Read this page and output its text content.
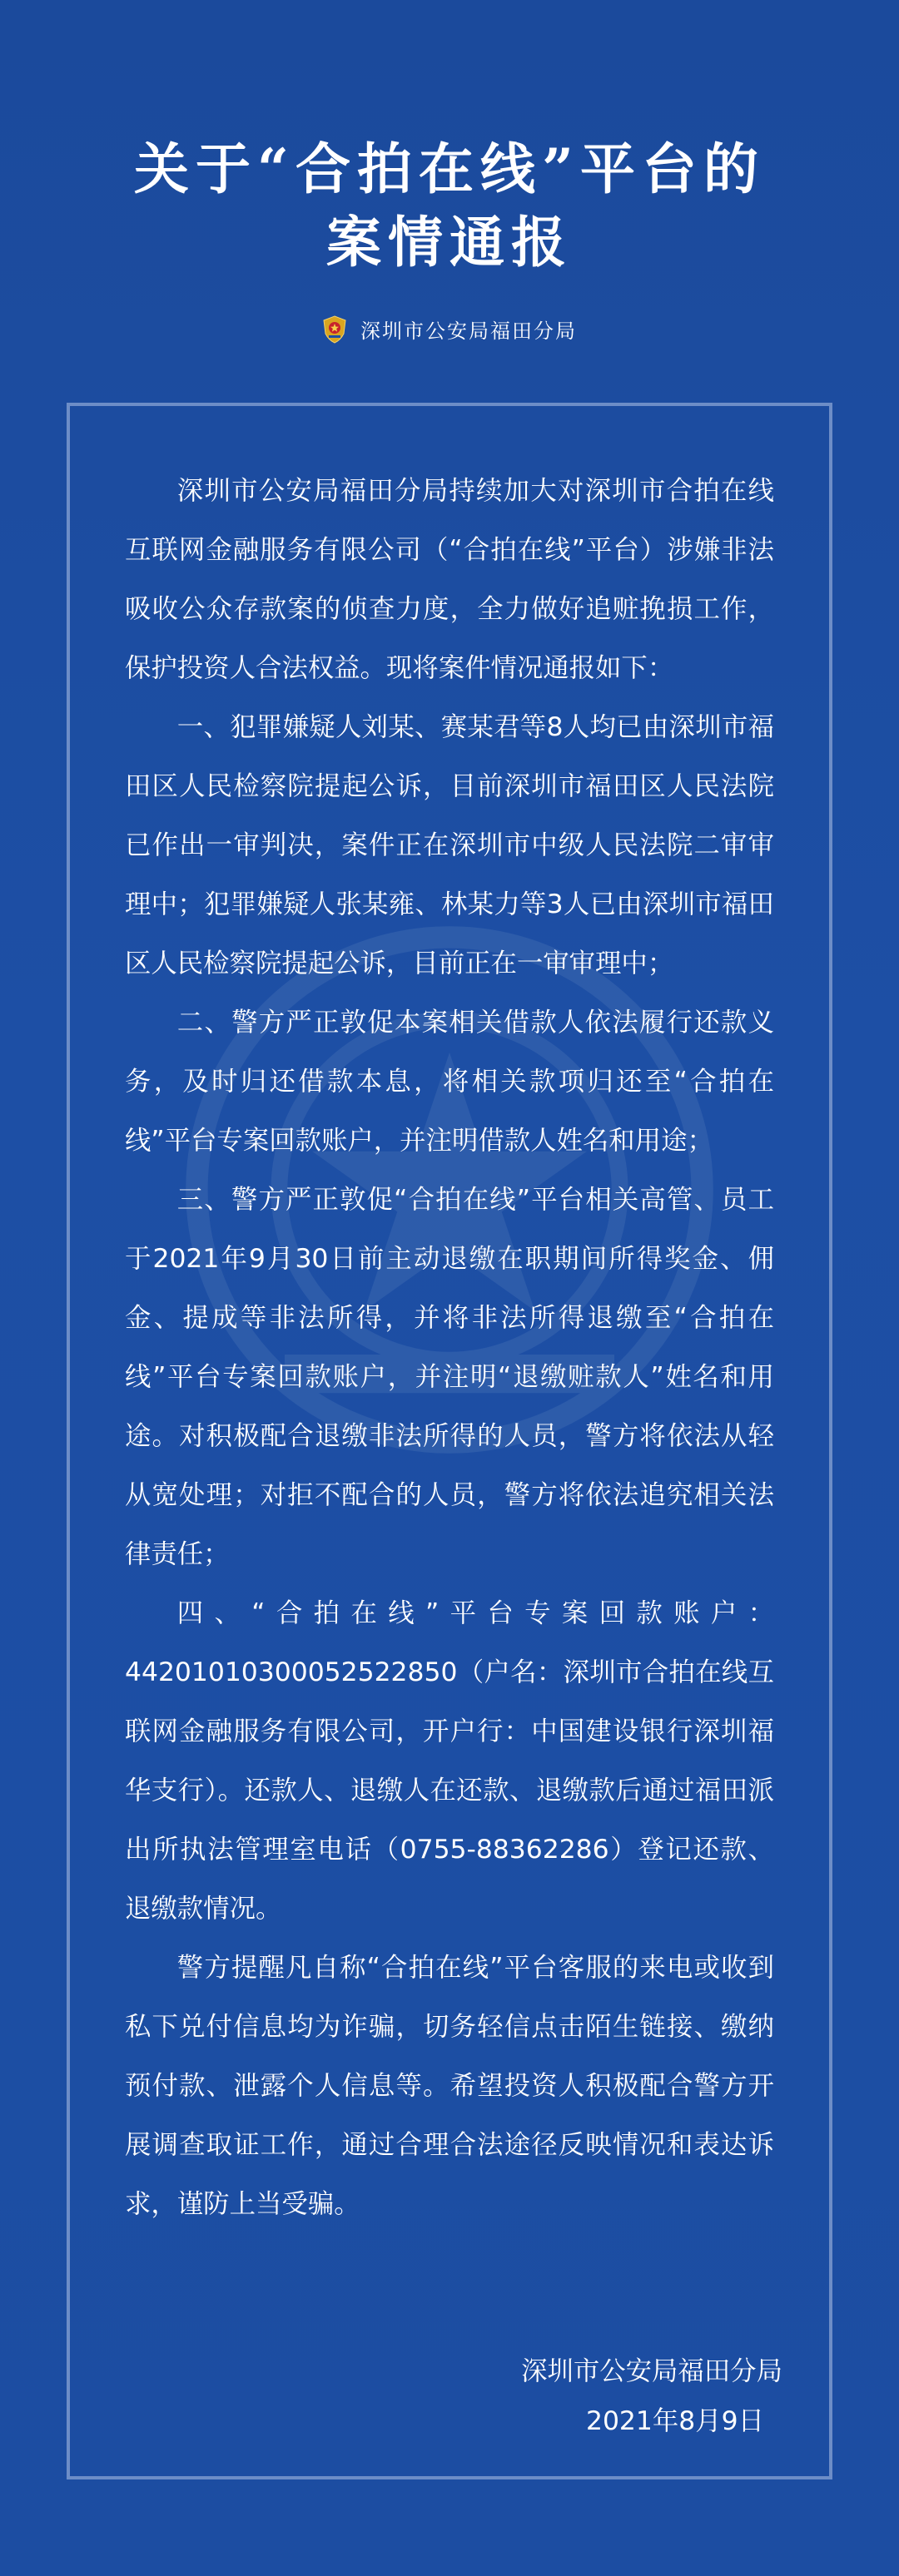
关于“合拍在线”平台的
案情通报
深圳市公安局福田分局

深圳市公安局福田分局持续加大对深圳市合拍在线互联网金融服务有限公司（“合拍在线”平台）涉嫌非法吸收公众存款案的侦查力度，全力做好追赃挽损工作，保护投资人合法权益。现将案件情况通报如下：

一、犯罪嫌疑人刘某、赛某君等8人均已由深圳市福田区人民检察院提起公诉，目前深圳市福田区人民法院已作出一审判决，案件正在深圳市中级人民法院二审审理中；犯罪嫌疑人张某雍、林某力等3人已由深圳市福田区人民检察院提起公诉，目前正在一审审理中；

二、警方严正敦促本案相关借款人依法履行还款义务，及时归还借款本息，将相关款项归还至“合拍在线”平台专案回款账户，并注明借款人姓名和用途；

三、警方严正敦促“合拍在线”平台相关高管、员工于2021年9月30日前主动退缴在职期间所得奖金、佣金、提成等非法所得，并将非法所得退缴至“合拍在线”平台专案回款账户，并注明“退缴赃款人”姓名和用途。对积极配合退缴非法所得的人员，警方将依法从轻从宽处理；对拒不配合的人员，警方将依法追究相关法律责任；

四、“合拍在线”平台专案回款账户：44201010300052522850（户名：深圳市合拍在线互联网金融服务有限公司，开户行：中国建设银行深圳福华支行）。还款人、退缴人在还款、退缴款后通过福田派出所执法管理室电话（0755-88362286）登记还款、退缴款情况。

警方提醒凡自称“合拍在线”平台客服的来电或收到私下兑付信息均为诈骗，切务轻信点击陌生链接、缴纳预付款、泄露个人信息等。希望投资人积极配合警方开展调查取证工作，通过合理合法途径反映情况和表达诉求，谨防上当受骗。

深圳市公安局福田分局
2021年8月9日
